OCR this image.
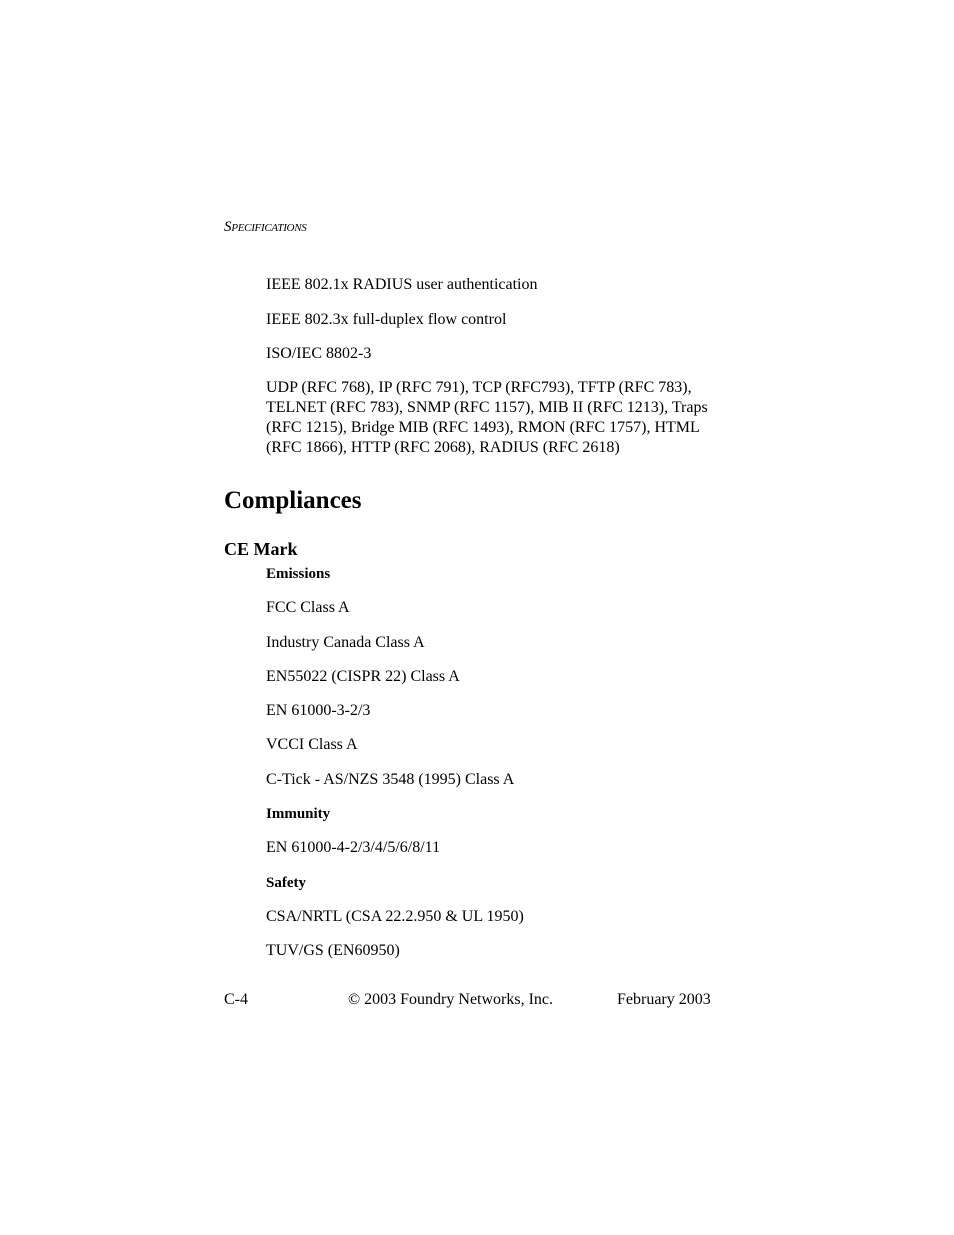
SPECIFICATIONS
IEEE 802.1x RADIUS user authentication
IEEE 802.3x full-duplex flow control
ISO/IEC 8802-3
UDP (RFC 768), IP (RFC 791), TCP (RFC793), TFTP (RFC 783),
TELNET (RFC 783), SNMP (RFC 1157), MIB II (RFC 1213), Traps
(RFC 1215), Bridge MIB (RFC 1493), RMON (RFC 1757), HTML
(RFC 1866), HTTP (RFC 2068), RADIUS (RFC 2618)
Compliances
CE Mark
Emissions
FCC Class A
Industry Canada Class A
EN55022 (CISPR 22) Class A
EN 61000-3-2/3
VCCI Class A
C-Tick - AS/NZS 3548 (1995) Class A
Immunity
EN 61000-4-2/3/4/5/6/8/11
Safety
CSA/NRTL (CSA 22.2.950 & UL 1950)
TUV/GS (EN60950)
C-4	© 2003 Foundry Networks, Inc.	February 2003
